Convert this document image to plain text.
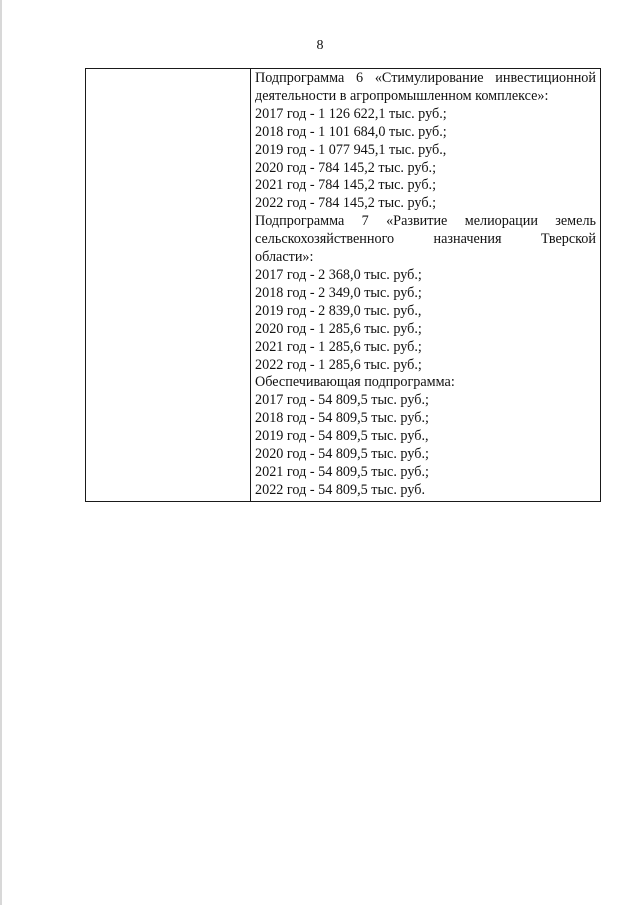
8
Подпрограмма 6 «Стимулирование инвестиционной
деятельности в агропромышленном комплексе»:
2017 год - 1 126 622,1 тыс. руб.;
2018 год - 1 101 684,0 тыс. руб.;
2019 год - 1 077 945,1 тыс. руб.,
2020 год - 784 145,2 тыс. руб.;
2021 год - 784 145,2 тыс. руб.;
2022 год - 784 145,2 тыс. руб.;
Подпрограмма 7 «Развитие мелиорации земель
сельскохозяйственного назначения Тверской
области»:
2017 год - 2 368,0 тыс. руб.;
2018 год - 2 349,0 тыс. руб.;
2019 год - 2 839,0 тыс. руб.,
2020 год - 1 285,6 тыс. руб.;
2021 год - 1 285,6 тыс. руб.;
2022 год - 1 285,6 тыс. руб.;
Обеспечивающая подпрограмма:
2017 год - 54 809,5 тыс. руб.;
2018 год - 54 809,5 тыс. руб.;
2019 год - 54 809,5 тыс. руб.,
2020 год - 54 809,5 тыс. руб.;
2021 год - 54 809,5 тыс. руб.;
2022 год - 54 809,5 тыс. руб.
